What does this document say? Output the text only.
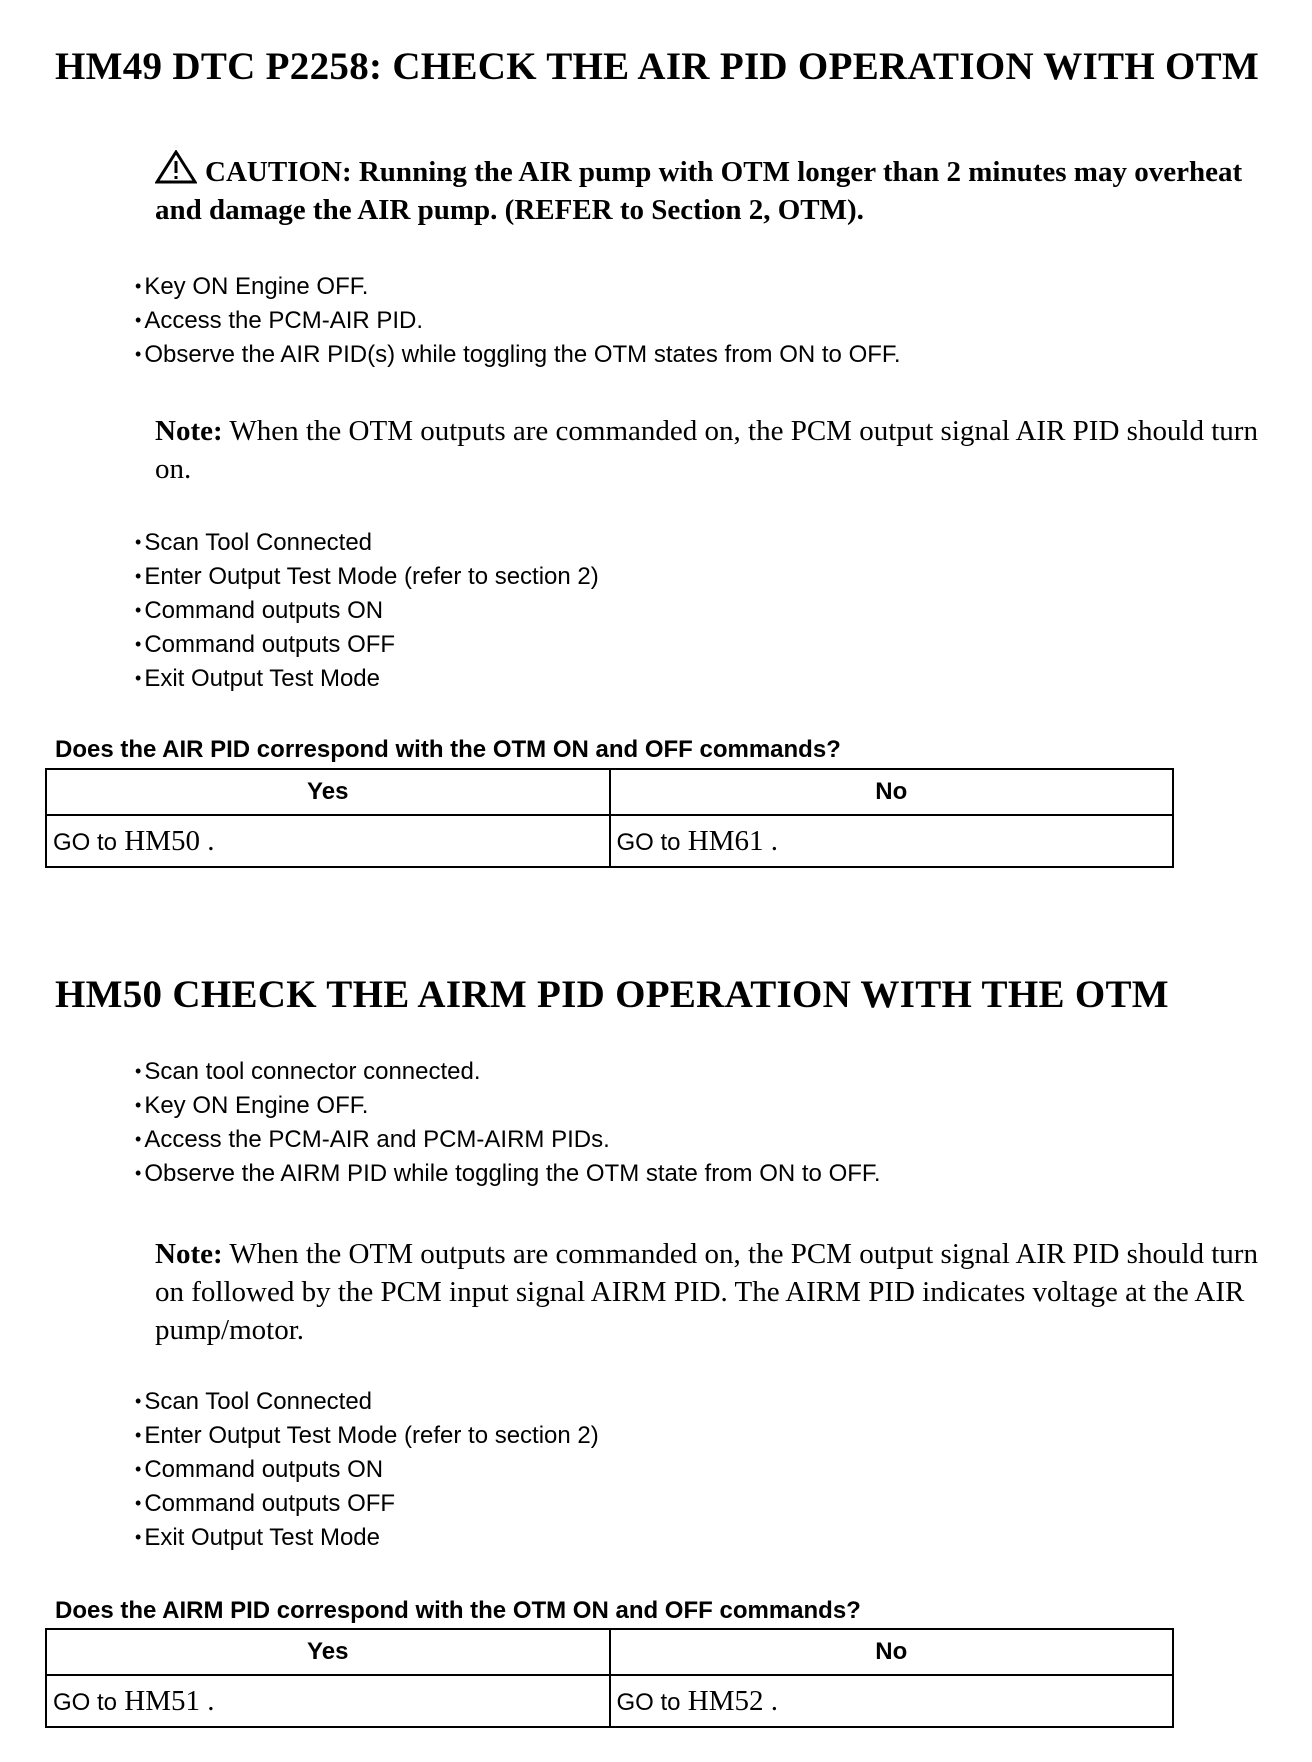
HM49 DTC P2258: CHECK THE AIR PID OPERATION WITH OTM
CAUTION: Running the AIR pump with OTM longer than 2 minutes may overheat and damage the AIR pump. (REFER to Section 2, OTM).
• Key ON Engine OFF.
• Access the PCM-AIR PID.
• Observe the AIR PID(s) while toggling the OTM states from ON to OFF.
Note: When the OTM outputs are commanded on, the PCM output signal AIR PID should turn on.
• Scan Tool Connected
• Enter Output Test Mode (refer to section 2)
• Command outputs ON
• Command outputs OFF
• Exit Output Test Mode
Does the AIR PID correspond with the OTM ON and OFF commands?
Yes	No
GO to HM50 .	GO to HM61 .
HM50 CHECK THE AIRM PID OPERATION WITH THE OTM
• Scan tool connector connected.
• Key ON Engine OFF.
• Access the PCM-AIR and PCM-AIRM PIDs.
• Observe the AIRM PID while toggling the OTM state from ON to OFF.
Note: When the OTM outputs are commanded on, the PCM output signal AIR PID should turn on followed by the PCM input signal AIRM PID. The AIRM PID indicates voltage at the AIR pump/motor.
• Scan Tool Connected
• Enter Output Test Mode (refer to section 2)
• Command outputs ON
• Command outputs OFF
• Exit Output Test Mode
Does the AIRM PID correspond with the OTM ON and OFF commands?
Yes	No
GO to HM51 .	GO to HM52 .
